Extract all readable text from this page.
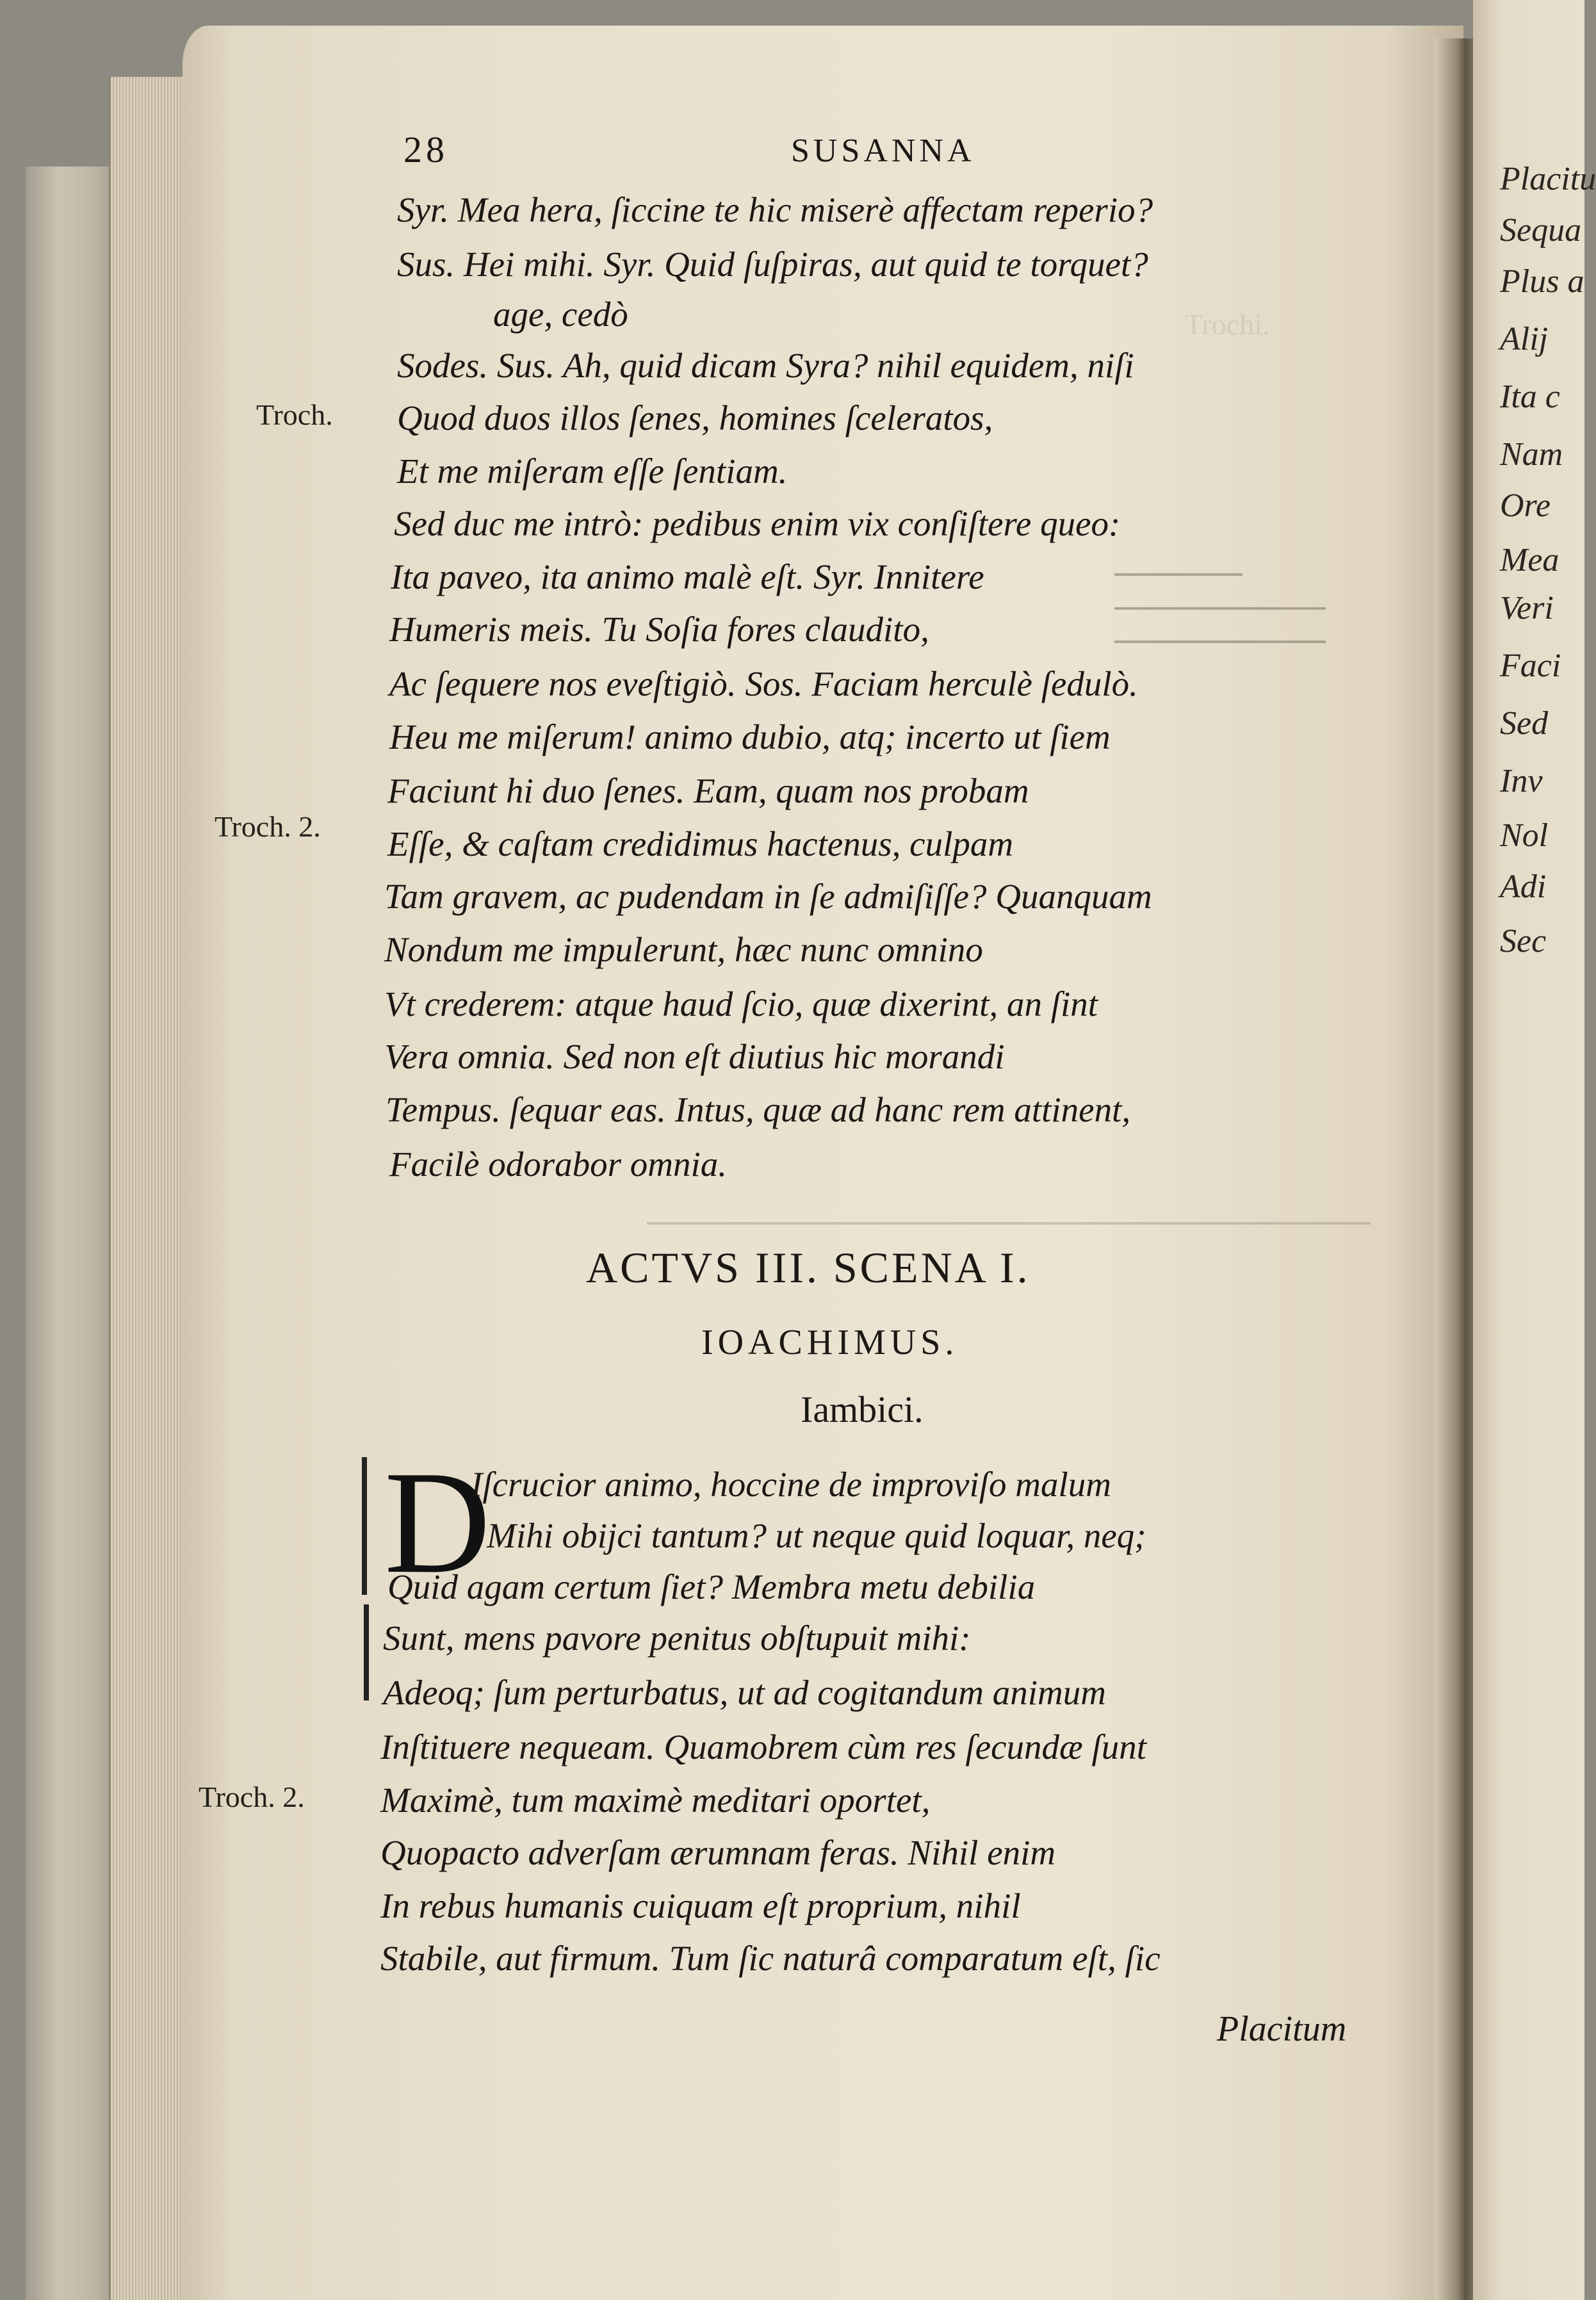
Placitu
Sequa
Plus a
Alij
Ita c
Nam
Ore
Mea
Veri
Faci
Sed
Inv
Nol
Adi
Sec
Trochi.
28	SUSANNA
Troch.
Troch. 2.
Troch. 2.
Syr. Mea hera, ſiccine te hic miserè affectam reperio?
Sus. Hei mihi. Syr. Quid ſuſpiras, aut quid te torquet?
age, cedò
Sodes. Sus. Ah, quid dicam Syra? nihil equidem, niſi
Quod duos illos ſenes, homines ſceleratos,
Et me miſeram eſſe ſentiam.
Sed duc me intrò: pedibus enim vix conſiſtere queo:
Ita paveo, ita animo malè eſt. Syr. Innitere
Humeris meis. Tu Soſia fores claudito,
Ac ſequere nos eveſtigiò. Sos. Faciam herculè ſedulò.
Heu me miſerum! animo dubio, atq; incerto ut ſiem
Faciunt hi duo ſenes. Eam, quam nos probam
Eſſe, & caſtam credidimus hactenus, culpam
Tam gravem, ac pudendam in ſe admiſiſſe? Quanquam
Nondum me impulerunt, hæc nunc omnino
Vt crederem: atque haud ſcio, quæ dixerint, an ſint
Vera omnia. Sed non eſt diutius hic morandi
Tempus. ſequar eas. Intus, quæ ad hanc rem attinent,
Facilè odorabor omnia.
ACTVS III. SCENA I.
IOACHIMUS.
Iambici.
D
Iſcrucior animo, hoccine de improviſo malum
Mihi obijci tantum? ut neque quid loquar, neq;
Quid agam certum ſiet? Membra metu debilia
Sunt, mens pavore penitus obſtupuit mihi:
Adeoq; ſum perturbatus, ut ad cogitandum animum
Inſtituere nequeam. Quamobrem cùm res ſecundæ ſunt
Maximè, tum maximè meditari oportet,
Quopacto adverſam ærumnam feras. Nihil enim
In rebus humanis cuiquam eſt proprium, nihil
Stabile, aut firmum. Tum ſic naturâ comparatum eſt, ſic
Placitum
